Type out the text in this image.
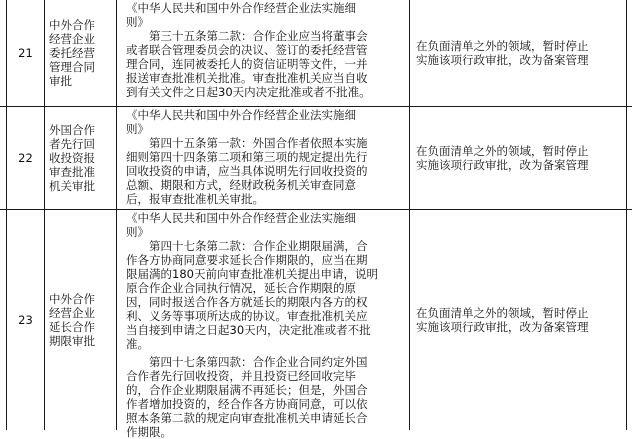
21
中外合作
经营企业
委托经营
管理合同
审批

《中华人民共和国中外合作经营企业法实施细
则》

　　第三十五条第二款：合作企业应当将董事会
或者联合管理委员会的决议、签订的委托经营管
理合同，连同被委托人的资信证明等文件，一并
报送审查批准机关批准。审查批准机关应当自收
到有关文件之日起30天内决定批准或者不批准。

在负面清单之外的领域，暂时停止
实施该项行政审批，改为备案管理
22
外国合作
者先行回
收投资报
审查批准
机关审批

《中华人民共和国中外合作经营企业法实施细
则》

　　第四十五条第一款：外国合作者依照本实施
细则第四十四条第二项和第三项的规定提出先行
回收投资的申请，应当具体说明先行回收投资的
总额、期限和方式，经财政税务机关审查同意
后，报审查批准机关审批。

在负面清单之外的领域，暂时停止
实施该项行政审批，改为备案管理
23
中外合作
经营企业
延长合作
期限审批

《中华人民共和国中外合作经营企业法实施细
则》

　　第四十七条第二款：合作企业期限届满，合
作各方协商同意要求延长合作期限的，应当在期
限届满的180天前向审查批准机关提出申请，说明
原合作企业合同执行情况，延长合作期限的原
因，同时报送合作各方就延长的期限内各方的权
利、义务等事项所达成的协议。审查批准机关应
当自接到申请之日起30天内，决定批准或者不批
准。

　　第四十七条第四款：合作企业合同约定外国
合作者先行回收投资，并且投资已经回收完毕
的，合作企业期限届满不再延长；但是，外国合
作者增加投资的，经合作各方协商同意，可以依
照本条第二款的规定向审查批准机关申请延长合
作期限。

在负面清单之外的领域，暂时停止
实施该项行政审批，改为备案管理
